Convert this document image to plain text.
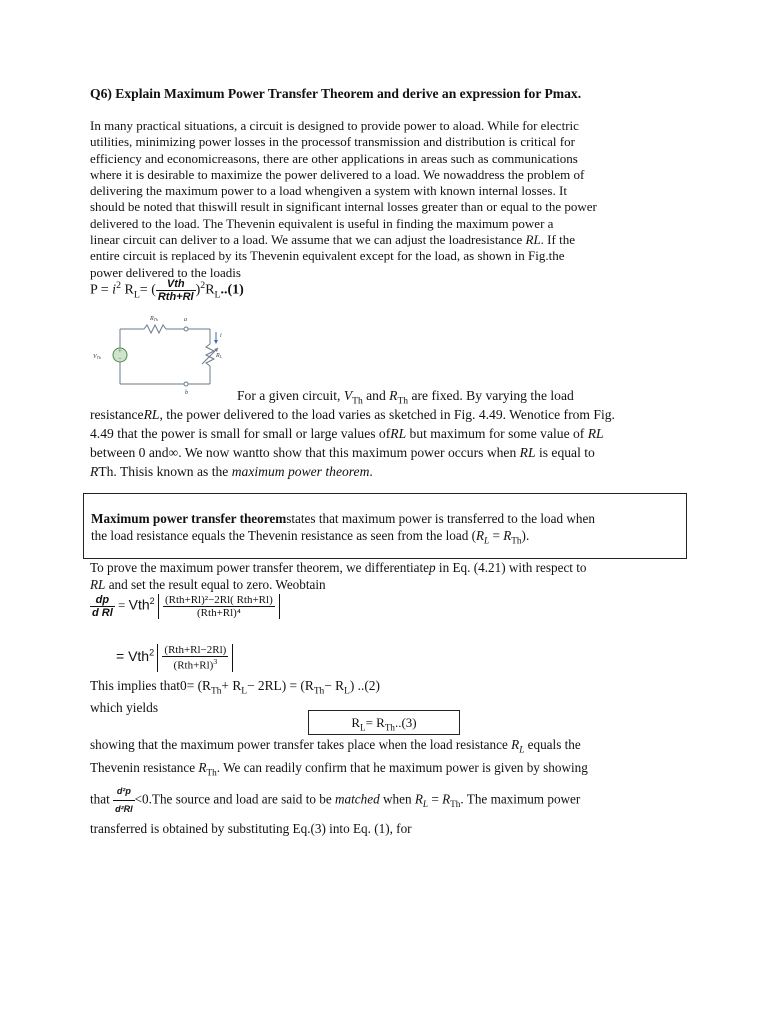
Q6) Explain Maximum Power Transfer Theorem and derive an expression for Pmax.
In many practical situations, a circuit is designed to provide power to aload. While for electric
utilities, minimizing power losses in the processof transmission and distribution is critical for
efficiency and economicreasons, there are other applications in areas such as communications
where it is desirable to maximize the power delivered to a load. We nowaddress the problem of
delivering the maximum power to a load whengiven a system with known internal losses. It
should be noted that thiswill result in significant internal losses greater than or equal to the power
delivered to the load. The Thevenin equivalent is useful in finding the maximum power a
linear circuit can deliver to a load. We assume that we can adjust the loadresistance RL. If the
entire circuit is replaced by its Thevenin equivalent except for the load, as shown in Fig.the
power delivered to the loadis
$P = i^2$ $R_L=$ ( $\frac{\text{Vth}}{\text{Rth+Rl}} )^2R_L..(1)$
+
−
RTh	a
b
i
RL
VTh
For a given circuit, $V_{Th}$ and $R_{Th}$ are fixed. By varying the load
resistanceRL, the power delivered to the load varies as sketched in Fig. 4.49. Wenotice from Fig.
4.49 that the power is small for small or large values ofRL but maximum for some value of RL
between 0 and∞. We now wantto show that this maximum power occurs when RL is equal to
RTh. Thisis known as the maximum power theorem.
Maximum power transfer theoremstates that maximum power is transferred to the load when
the load resistance equals the Thevenin resistance as seen from the load $(R_L = R_{Th})$.
To prove the maximum power transfer theorem, we differentiatep in Eq. (4.21) with respect to
RL and set the result equal to zero. Weobtain
$\frac{dp}{\text{d Rl}} = Vth^2 \frac{\text{(Rth+Rl)²−2Rl( Rth+Rl)}}{\text{(Rth+Rl)⁴}}$
= $Vth^2 \frac{\text{(Rth+Rl−2Rl)}}{(Rth+Rl)^3}$
This implies that0= $(R_{Th}+ R_L- 2RL) = (R_{Th}- R_L)$ ..(2)
which yields
$R_L= R_{Th}..(3)$
showing that the maximum power transfer takes place when the load resistance $R_L$ equals the
Thevenin resistance $R_{Th}$. We can readily confirm that he maximum power is given by showing
that $\frac{\text{d²p}}{\text{d²Rl}} <0.The$ source and load are said to be matched when $R_L = R_{Th}$. The maximum power
transferred is obtained by substituting Eq.(3) into Eq. (1), for
